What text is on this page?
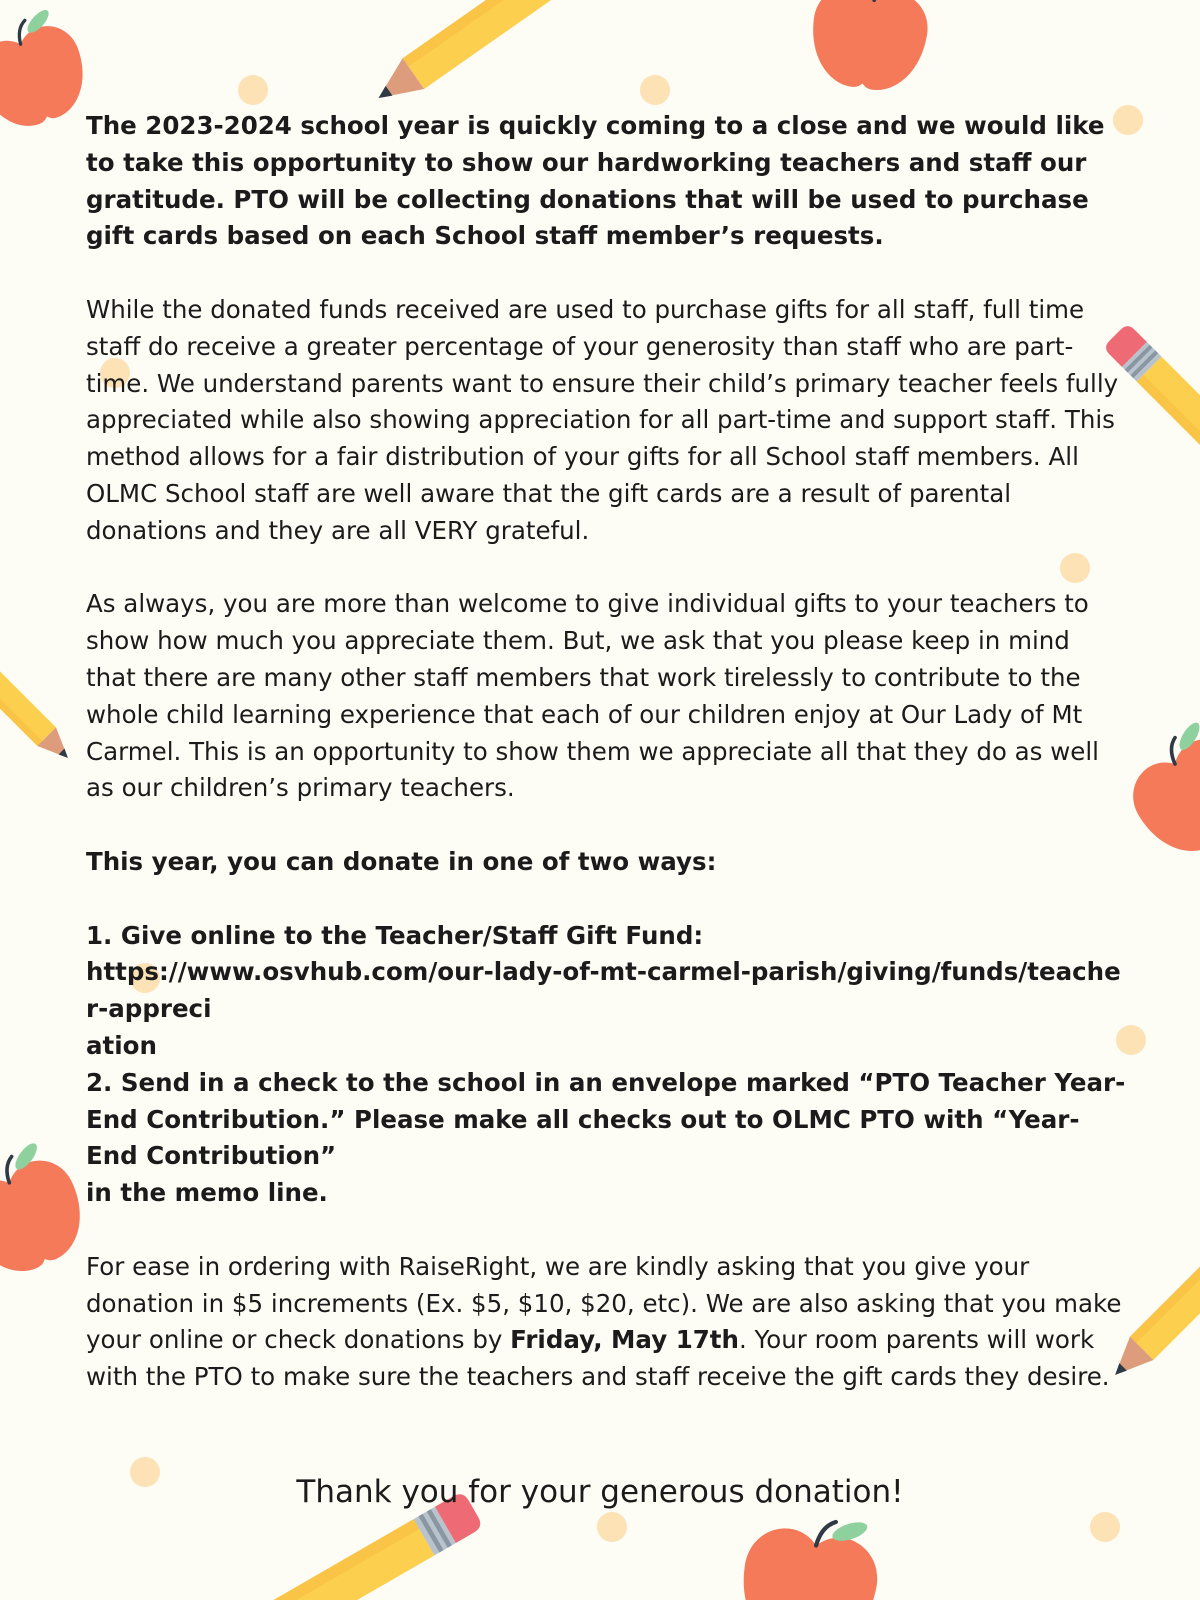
The 2023-2024 school year is quickly coming to a close and we would like to take this opportunity to show our hardworking teachers and staff our gratitude. PTO will be collecting donations that will be used to purchase gift cards based on each School staff member’s requests.

While the donated funds received are used to purchase gifts for all staff, full time staff do receive a greater percentage of your generosity than staff who are part-time. We understand parents want to ensure their child’s primary teacher feels fully appreciated while also showing appreciation for all part-time and support staff. This method allows for a fair distribution of your gifts for all School staff members. All OLMC School staff are well aware that the gift cards are a result of parental donations and they are all VERY grateful.

As always, you are more than welcome to give individual gifts to your teachers to show how much you appreciate them. But, we ask that you please keep in mind that there are many other staff members that work tirelessly to contribute to the whole child learning experience that each of our children enjoy at Our Lady of Mt Carmel. This is an opportunity to show them we appreciate all that they do as well as our children’s primary teachers.

This year, you can donate in one of two ways:

1. Give online to the Teacher/Staff Gift Fund:

https://www.osvhub.com/our-lady-of-mt-carmel-parish/giving/funds/teacher-appreci

ation

2. Send in a check to the school in an envelope marked “PTO Teacher Year-End Contribution.” Please make all checks out to OLMC PTO with “Year-End Contribution”

in the memo line.

For ease in ordering with RaiseRight, we are kindly asking that you give your donation in $5 increments (Ex. $5, $10, $20, etc). We are also asking that you make your online or check donations by Friday, May 17th. Your room parents will work with the PTO to make sure the teachers and staff receive the gift cards they desire.

Thank you for your generous donation!
